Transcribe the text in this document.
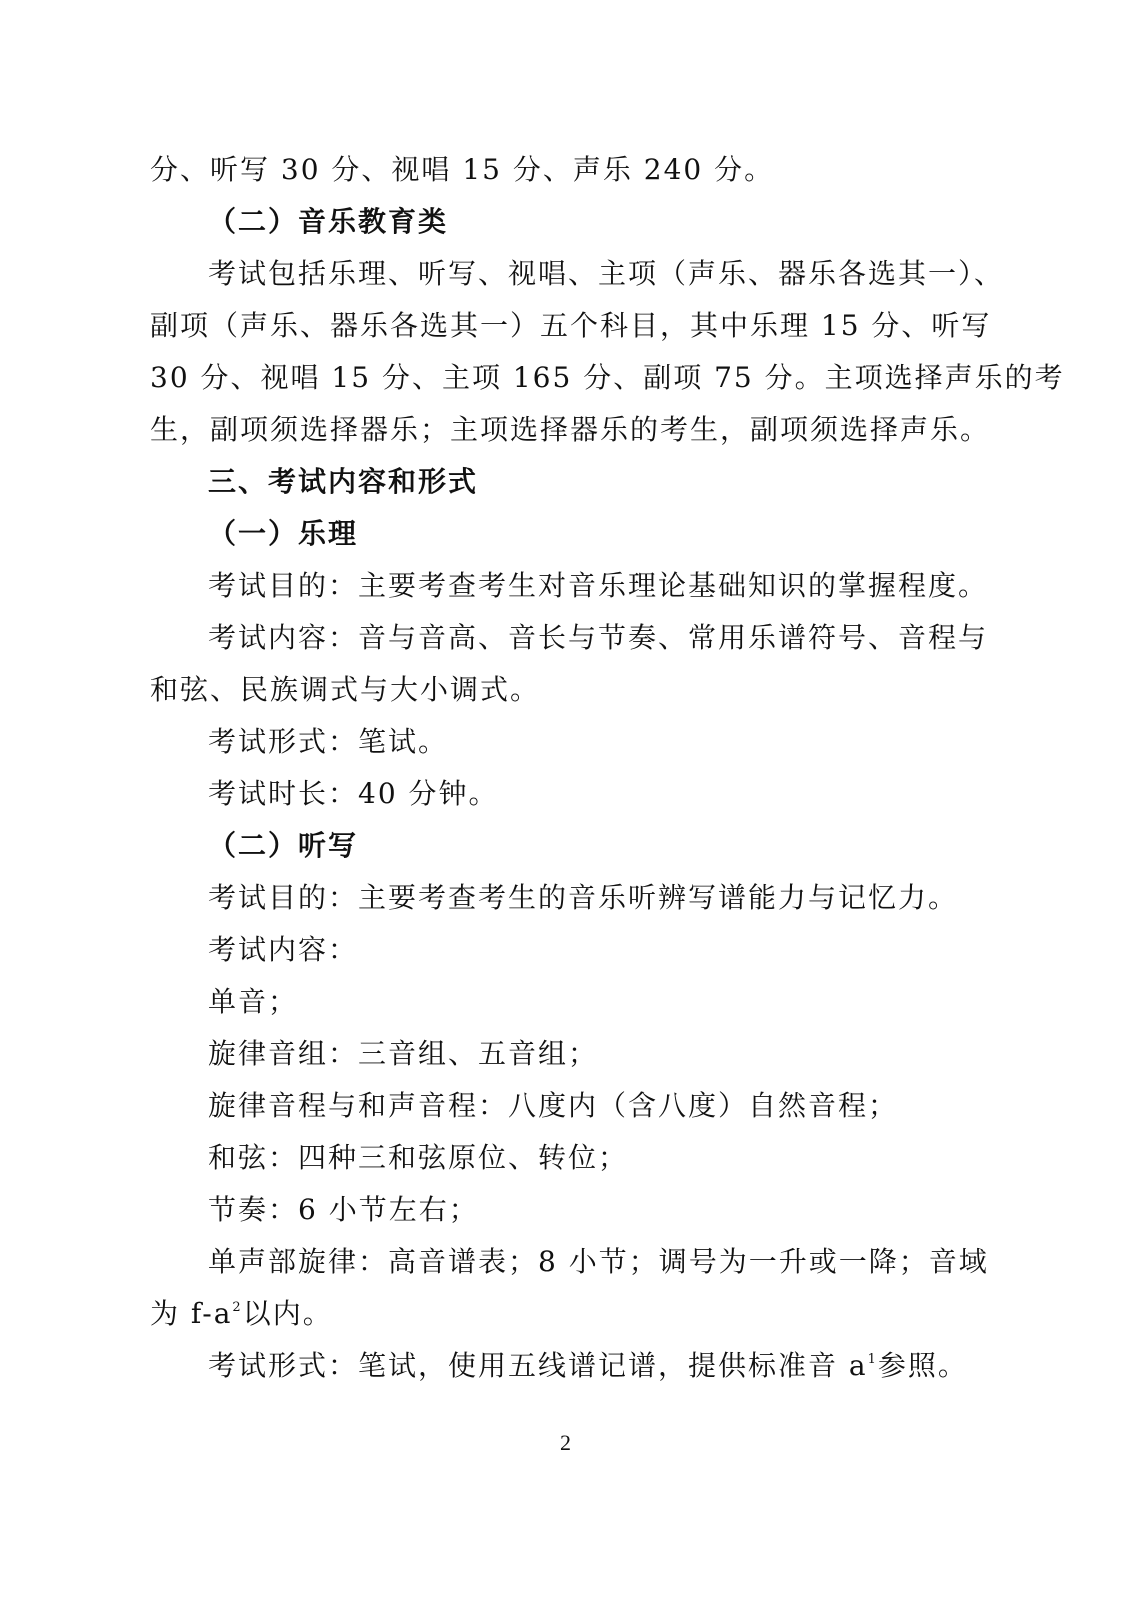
分、听写 30 分、视唱 15 分、声乐 240 分。
（二）音乐教育类
考试包括乐理、听写、视唱、主项（声乐、器乐各选其一）、
副项（声乐、器乐各选其一）五个科目，其中乐理 15 分、听写
30 分、视唱 15 分、主项 165 分、副项 75 分。主项选择声乐的考
生，副项须选择器乐；主项选择器乐的考生，副项须选择声乐。
三、考试内容和形式
（一）乐理
考试目的：主要考查考生对音乐理论基础知识的掌握程度。
考试内容：音与音高、音长与节奏、常用乐谱符号、音程与
和弦、民族调式与大小调式。
考试形式：笔试。
考试时长：40 分钟。
（二）听写
考试目的：主要考查考生的音乐听辨写谱能力与记忆力。
考试内容：
单音；
旋律音组：三音组、五音组；
旋律音程与和声音程：八度内（含八度）自然音程；
和弦：四种三和弦原位、转位；
节奏：6 小节左右；
单声部旋律：高音谱表；8 小节；调号为一升或一降；音域
为 $f-a^2$以内。
考试形式：笔试，使用五线谱记谱，提供标准音 $a^1$参照。
2
